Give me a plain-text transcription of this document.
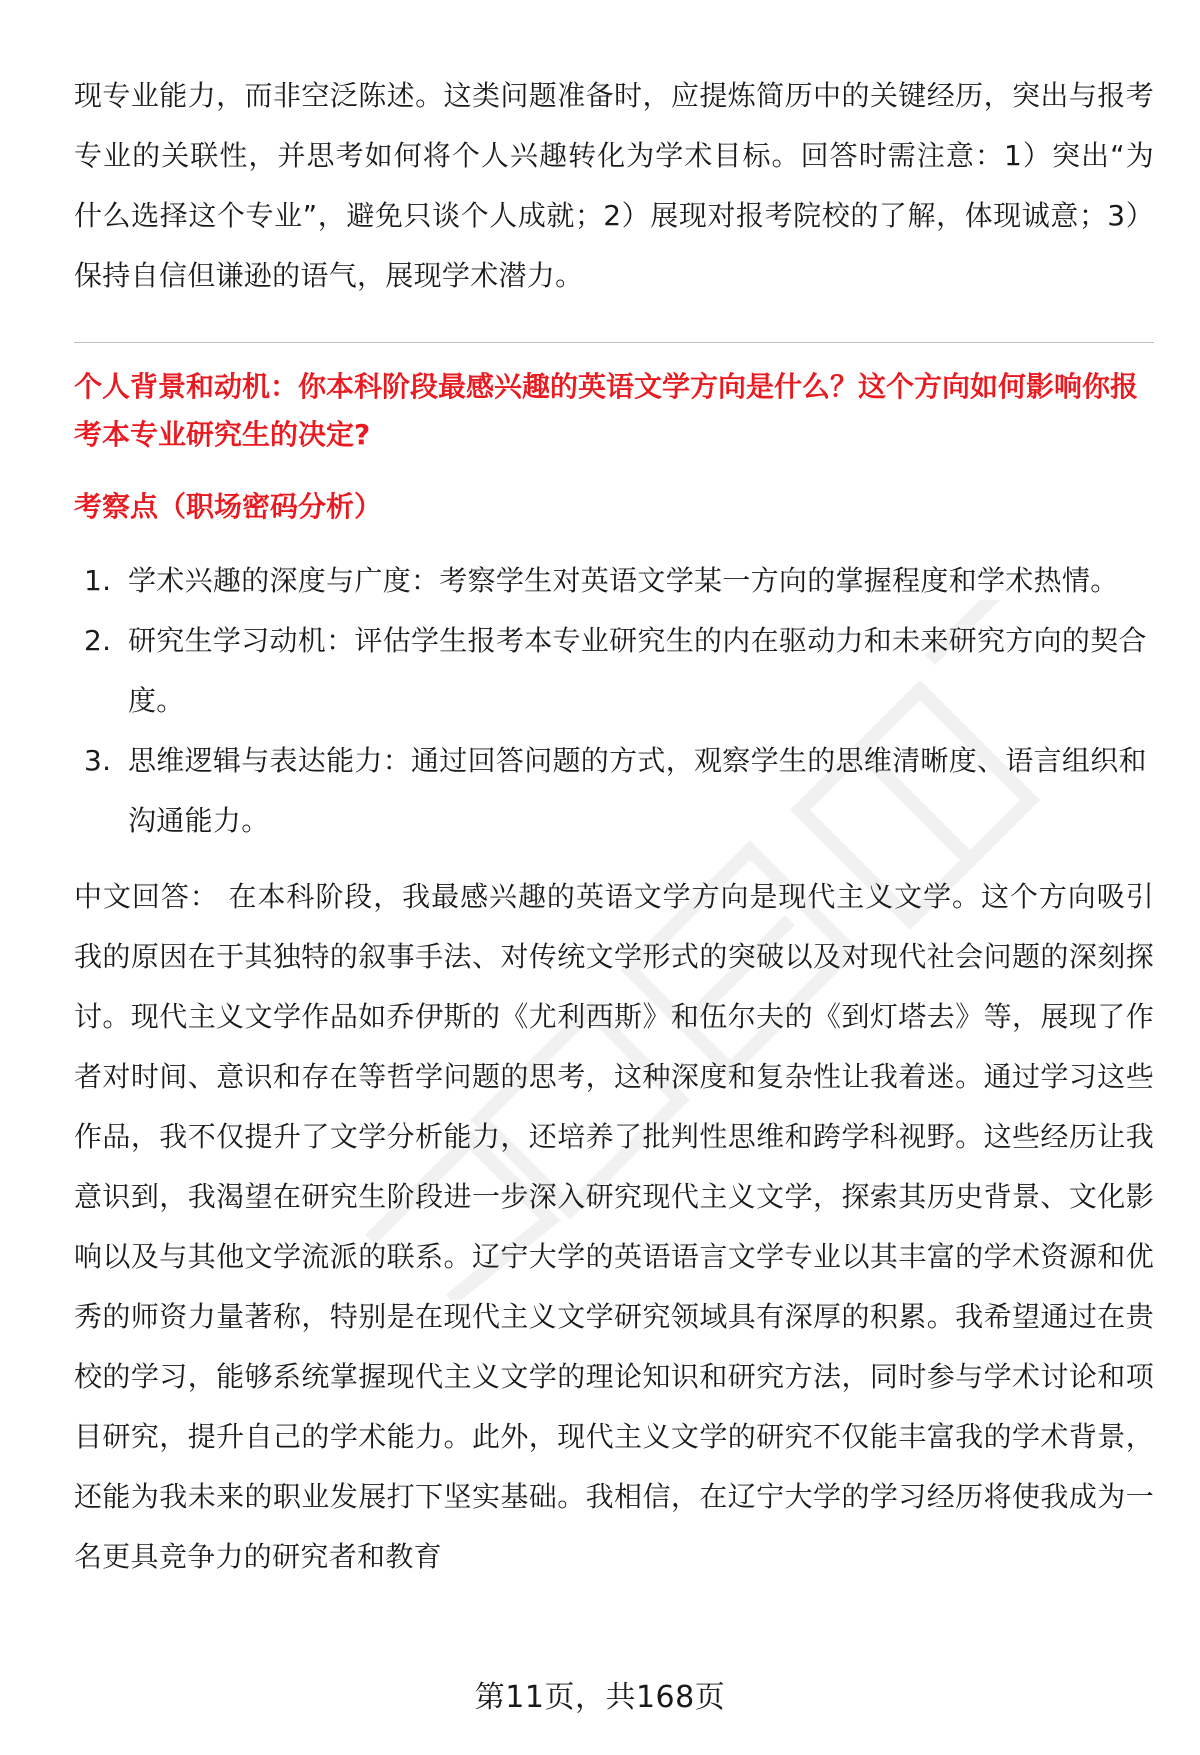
现专业能力，而非空泛陈述。这类问题准备时，应提炼简历中的关键经历，突出与报考专业的关联性，并思考如何将个人兴趣转化为学术目标。回答时需注意：1）突出“为什么选择这个专业”，避免只谈个人成就；2）展现对报考院校的了解，体现诚意；3）保持自信但谦逊的语气，展现学术潜力。

个人背景和动机：你本科阶段最感兴趣的英语文学方向是什么？这个方向如何影响你报考本专业研究生的决定?

考察点（职场密码分析）

1. 学术兴趣的深度与广度：考察学生对英语文学某一方向的掌握程度和学术热情。
2. 研究生学习动机：评估学生报考本专业研究生的内在驱动力和未来研究方向的契合度。
3. 思维逻辑与表达能力：通过回答问题的方式，观察学生的思维清晰度、语言组织和沟通能力。

中文回答： 在本科阶段，我最感兴趣的英语文学方向是现代主义文学。这个方向吸引我的原因在于其独特的叙事手法、对传统文学形式的突破以及对现代社会问题的深刻探讨。现代主义文学作品如乔伊斯的《尤利西斯》和伍尔夫的《到灯塔去》等，展现了作者对时间、意识和存在等哲学问题的思考，这种深度和复杂性让我着迷。通过学习这些作品，我不仅提升了文学分析能力，还培养了批判性思维和跨学科视野。这些经历让我意识到，我渴望在研究生阶段进一步深入研究现代主义文学，探索其历史背景、文化影响以及与其他文学流派的联系。辽宁大学的英语语言文学专业以其丰富的学术资源和优秀的师资力量著称，特别是在现代主义文学研究领域具有深厚的积累。我希望通过在贵校的学习，能够系统掌握现代主义文学的理论知识和研究方法，同时参与学术讨论和项目研究，提升自己的学术能力。此外，现代主义文学的研究不仅能丰富我的学术背景，还能为我未来的职业发展打下坚实基础。我相信，在辽宁大学的学习经历将使我成为一名更具竞争力的研究者和教育

第11页，共168页
